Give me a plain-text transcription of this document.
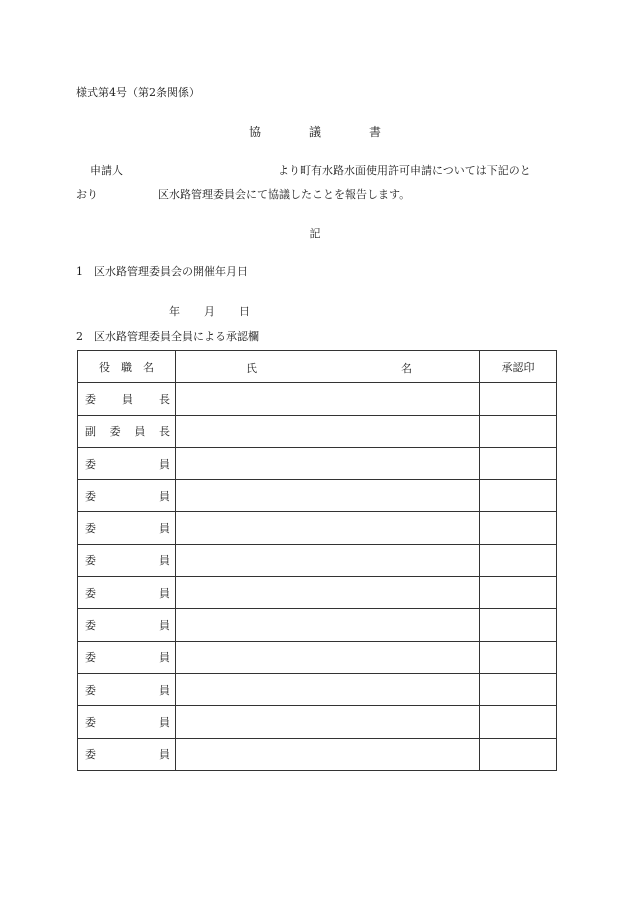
様式第4号（第2条関係）
協　　　　議　　　　書
申請人	より町有水路水面使用許可申請については下記のと
おり	区水路管理委員会にて協議したことを報告します。
記
1　区水路管理委員会の開催年月日

年 月 日

2　区水路管理委員全員による承認欄
役　職　名	氏 名	承認印
委員長		
副委員長		
委員		
委員		
委員		
委員		
委員		
委員		
委員		
委員		
委員		
委員		
